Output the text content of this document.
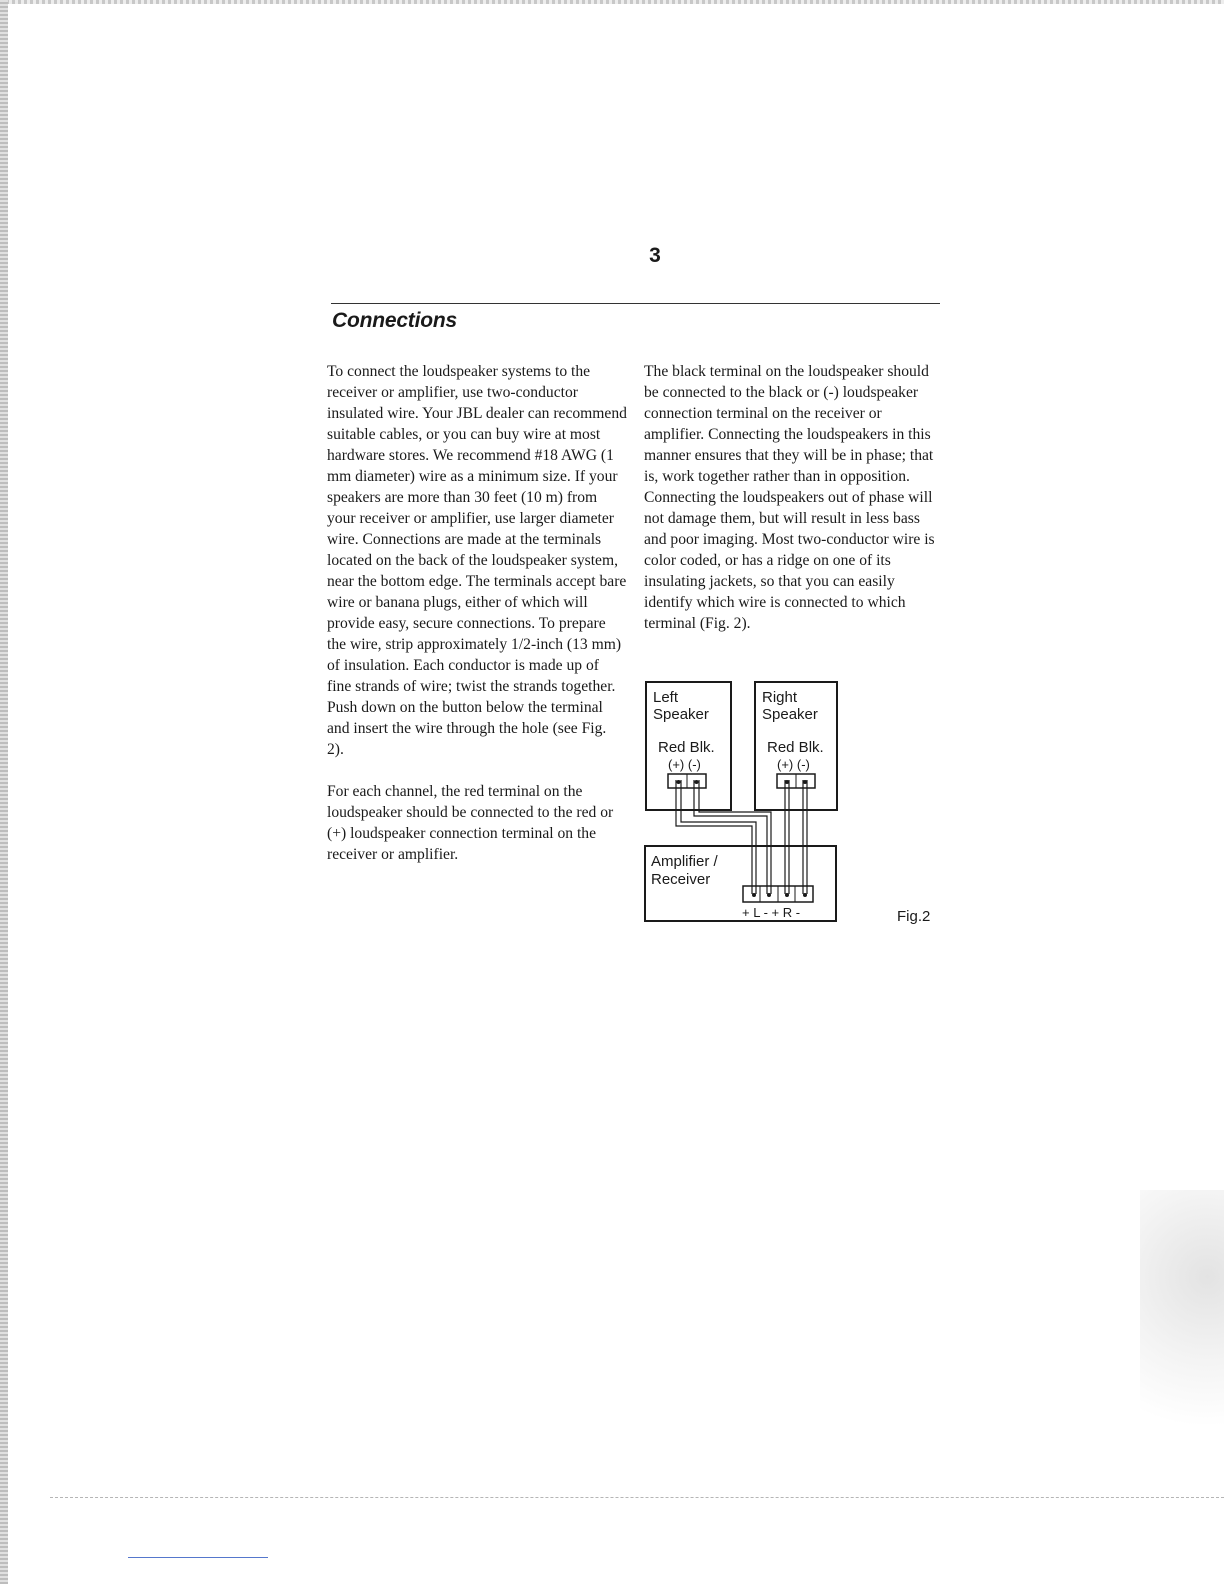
3
Connections

To connect the loudspeaker systems to the receiver or amplifier, use two-conductor insulated wire. Your JBL dealer can recommend suitable cables, or you can buy wire at most hardware stores. We recommend #18 AWG (1 mm diameter) wire as a minimum size. If your speakers are more than 30 feet (10 m) from your receiver or amplifier, use larger diameter wire. Connections are made at the terminals located on the back of the loudspeaker system, near the bottom edge. The terminals accept bare wire or banana plugs, either of which will provide easy, secure connections. To prepare the wire, strip approximately 1/2-inch (13 mm) of insulation. Each conductor is made up of fine strands of wire; twist the strands together. Push down on the button below the terminal and insert the wire through the hole (see Fig. 2).

For each channel, the red terminal on the loudspeaker should be connected to the red or (+) loudspeaker connection terminal on the receiver or amplifier.

The black terminal on the loudspeaker should be connected to the black or (-) loudspeaker connection terminal on the receiver or amplifier. Connecting the loudspeakers in this manner ensures that they will be in phase; that is, work together rather than in opposition. Connecting the loudspeakers out of phase will not damage them, but will result in less bass and poor imaging. Most two-conductor wire is color coded, or has a ridge on one of its insulating jackets, so that you can easily identify which wire is connected to which terminal (Fig. 2).

Left
Speaker
Red Blk.
(+) (-)
Right
Speaker
Red Blk.
(+) (-)
Amplifier /
Receiver
+ L - + R -	Fig.2
